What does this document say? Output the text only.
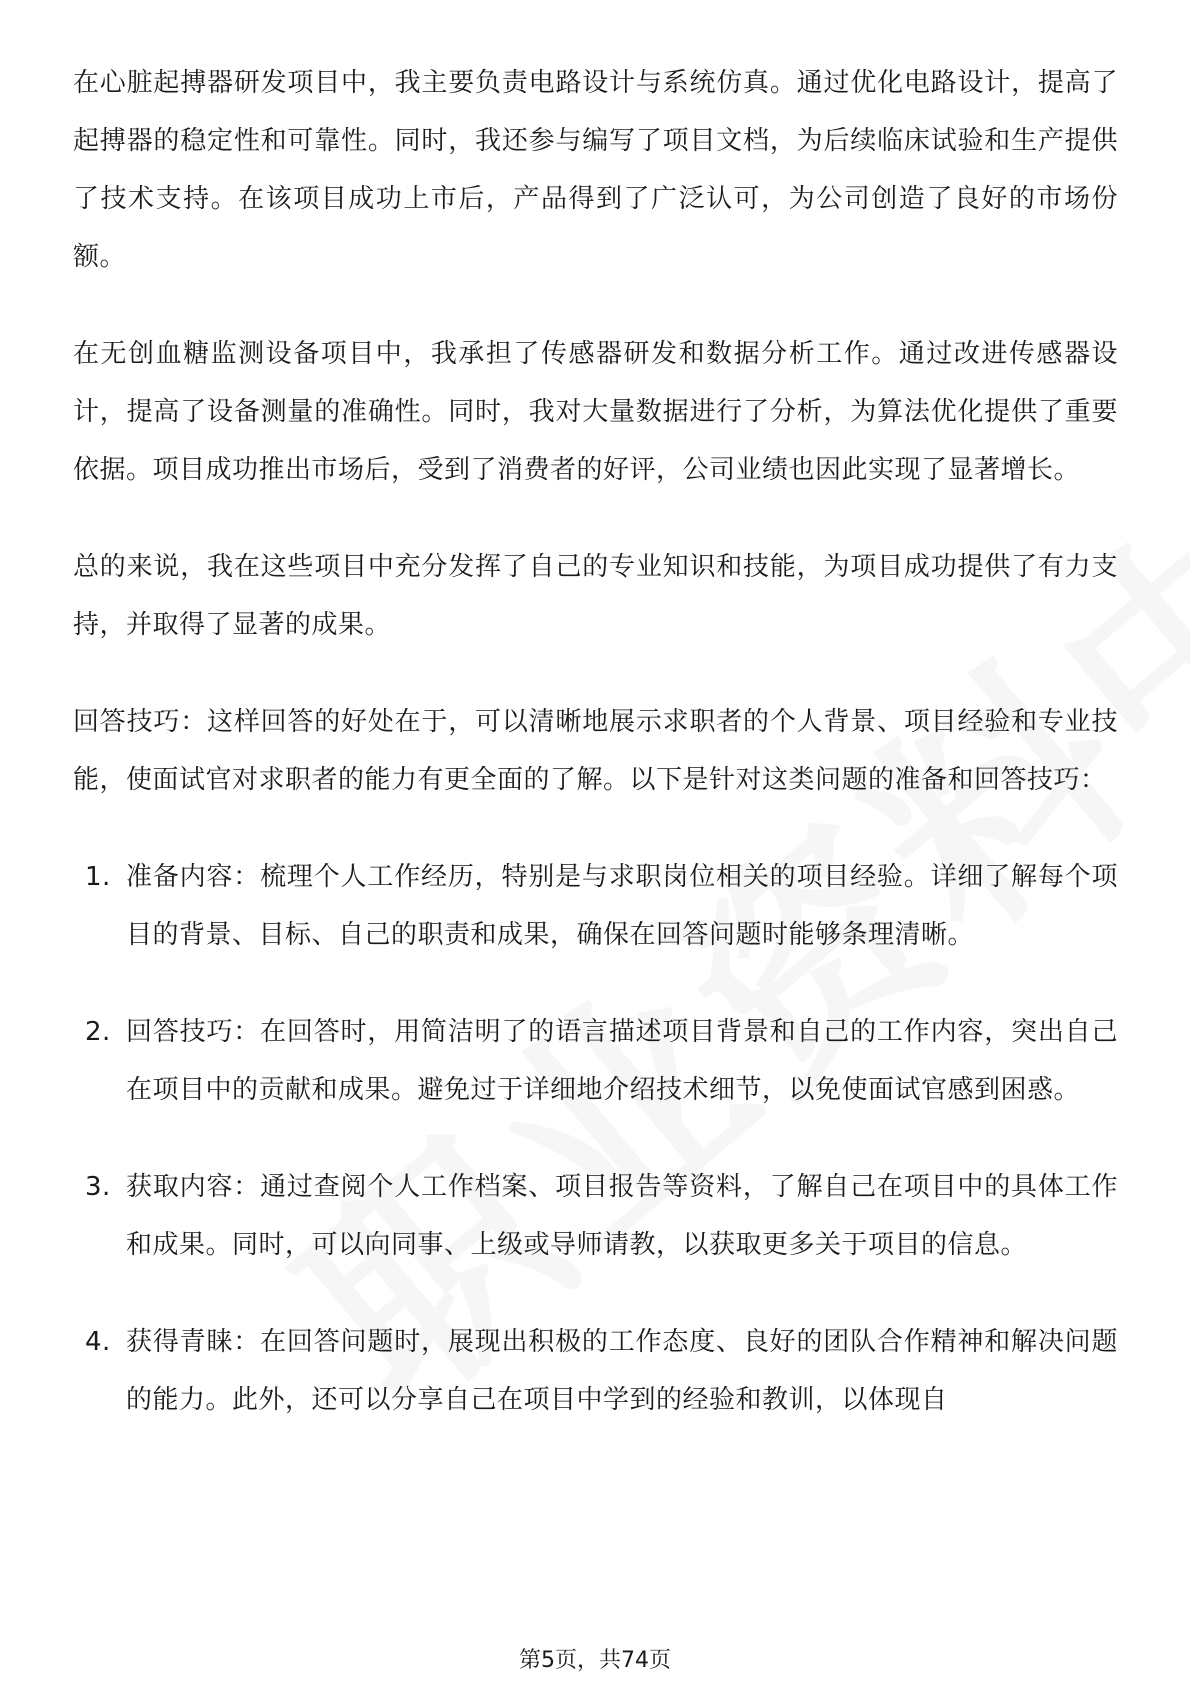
在心脏起搏器研发项目中，我主要负责电路设计与系统仿真。通过优化电路设计，提高了起搏器的稳定性和可靠性。同时，我还参与编写了项目文档，为后续临床试验和生产提供了技术支持。在该项目成功上市后，产品得到了广泛认可，为公司创造了良好的市场份额。

在无创血糖监测设备项目中，我承担了传感器研发和数据分析工作。通过改进传感器设计，提高了设备测量的准确性。同时，我对大量数据进行了分析，为算法优化提供了重要依据。项目成功推出市场后，受到了消费者的好评，公司业绩也因此实现了显著增长。

总的来说，我在这些项目中充分发挥了自己的专业知识和技能，为项目成功提供了有力支持，并取得了显著的成果。

回答技巧：这样回答的好处在于，可以清晰地展示求职者的个人背景、项目经验和专业技能，使面试官对求职者的能力有更全面的了解。以下是针对这类问题的准备和回答技巧：

1. 准备内容：梳理个人工作经历，特别是与求职岗位相关的项目经验。详细了解每个项目的背景、目标、自己的职责和成果，确保在回答问题时能够条理清晰。
2. 回答技巧：在回答时，用简洁明了的语言描述项目背景和自己的工作内容，突出自己在项目中的贡献和成果。避免过于详细地介绍技术细节，以免使面试官感到困惑。
3. 获取内容：通过查阅个人工作档案、项目报告等资料，了解自己在项目中的具体工作和成果。同时，可以向同事、上级或导师请教，以获取更多关于项目的信息。
4. 获得青睐：在回答问题时，展现出积极的工作态度、良好的团队合作精神和解决问题的能力。此外，还可以分享自己在项目中学到的经验和教训，以体现自
第5页，共74页
